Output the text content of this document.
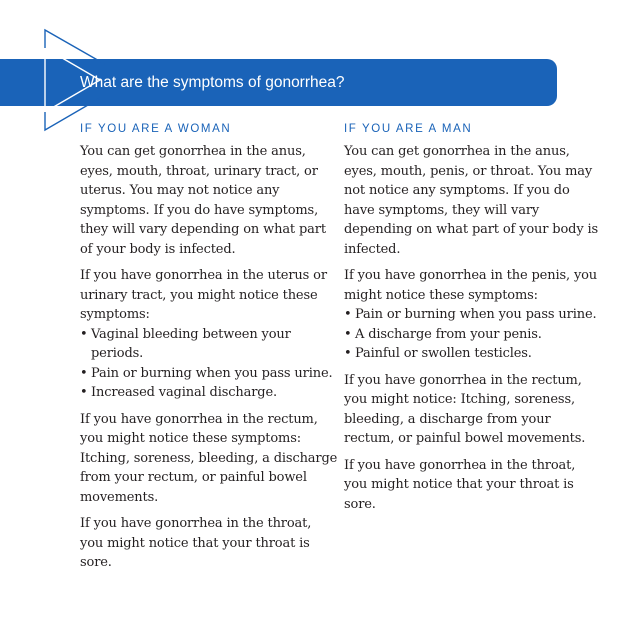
What are the symptoms of gonorrhea?
IF YOU ARE A WOMAN

You can get gonorrhea in the anus, eyes, mouth, throat, urinary tract, or uterus. You may not notice any symptoms. If you do have symptoms, they will vary depending on what part of your body is infected.

If you have gonorrhea in the uterus or urinary tract, you might notice these symptoms:

• Vaginal bleeding between your periods.
• Pain or burning when you pass urine.
• Increased vaginal discharge.

If you have gonorrhea in the rectum, you might notice these symptoms: Itching, soreness, bleeding, a discharge from your rectum, or painful bowel movements.

If you have gonorrhea in the throat, you might notice that your throat is sore.

IF YOU ARE A MAN

You can get gonorrhea in the anus, eyes, mouth, penis, or throat. You may not notice any symptoms. If you do have symptoms, they will vary depending on what part of your body is infected.

If you have gonorrhea in the penis, you might notice these symptoms:

• Pain or burning when you pass urine.
• A discharge from your penis.
• Painful or swollen testicles.

If you have gonorrhea in the rectum, you might notice: Itching, soreness, bleeding, a discharge from your rectum, or painful bowel movements.

If you have gonorrhea in the throat, you might notice that your throat is sore.
